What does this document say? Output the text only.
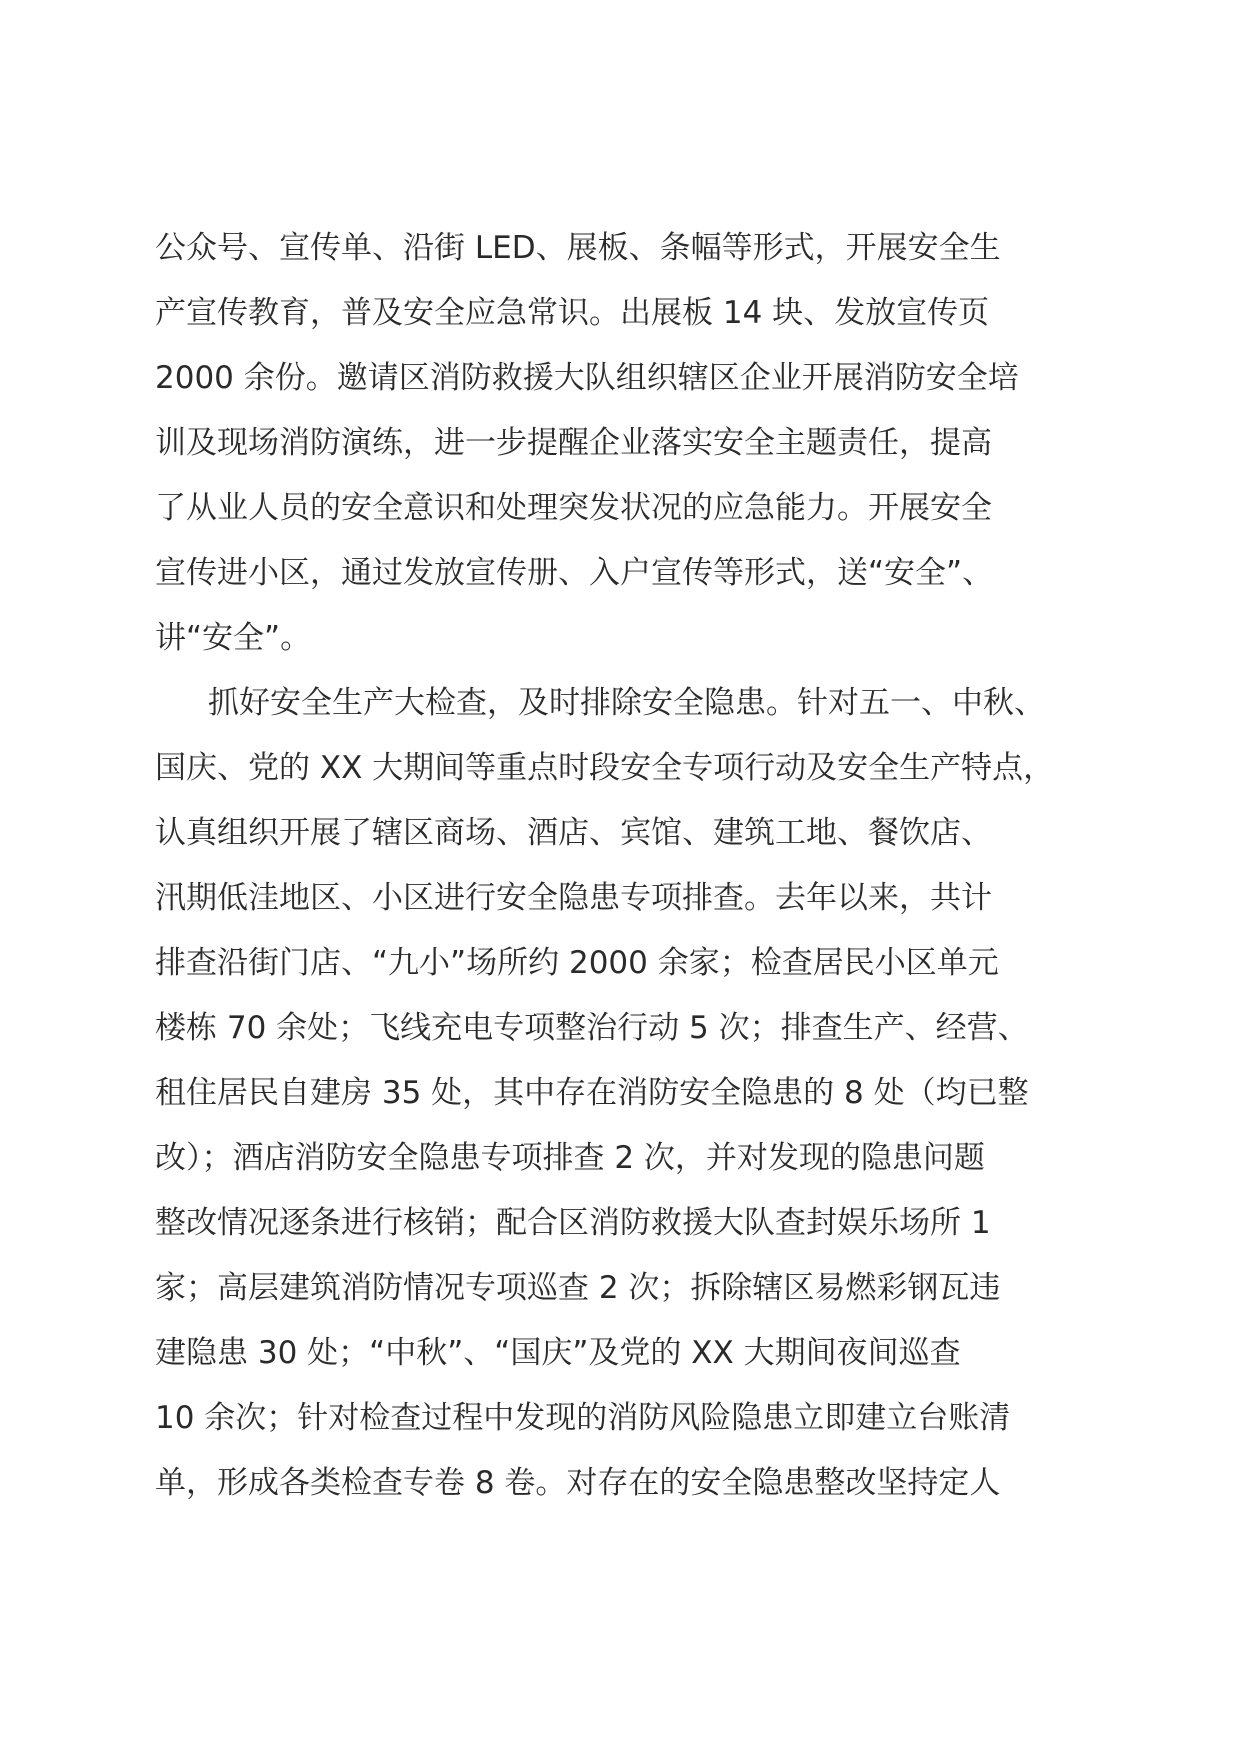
公众号、宣传单、沿街 LED、展板、条幅等形式，开展安全生
产宣传教育，普及安全应急常识。出展板 14 块、发放宣传页
2000 余份。邀请区消防救援大队组织辖区企业开展消防安全培
训及现场消防演练，进一步提醒企业落实安全主题责任，提高
了从业人员的安全意识和处理突发状况的应急能力。开展安全
宣传进小区，通过发放宣传册、入户宣传等形式，送“安全”、
讲“安全”。
抓好安全生产大检查，及时排除安全隐患。针对五一、中秋、
国庆、党的 XX 大期间等重点时段安全专项行动及安全生产特点，
认真组织开展了辖区商场、酒店、宾馆、建筑工地、餐饮店、
汛期低洼地区、小区进行安全隐患专项排查。去年以来，共计
排查沿街门店、“九小”场所约 2000 余家；检查居民小区单元
楼栋 70 余处；飞线充电专项整治行动 5 次；排查生产、经营、
租住居民自建房 35 处，其中存在消防安全隐患的 8 处（均已整
改）；酒店消防安全隐患专项排查 2 次，并对发现的隐患问题
整改情况逐条进行核销；配合区消防救援大队查封娱乐场所 1
家；高层建筑消防情况专项巡查 2 次；拆除辖区易燃彩钢瓦违
建隐患 30 处；“中秋”、“国庆”及党的 XX 大期间夜间巡查
10 余次；针对检查过程中发现的消防风险隐患立即建立台账清
单，形成各类检查专卷 8 卷。对存在的安全隐患整改坚持定人
